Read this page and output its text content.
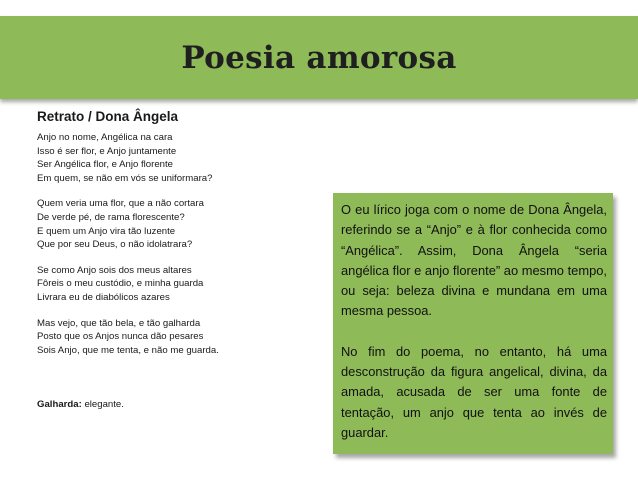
Poesia amorosa
Retrato / Dona Ângela
Anjo no nome, Angélica na cara
Isso é ser flor, e Anjo juntamente
Ser Angélica flor, e Anjo florente
Em quem, se não em vós se uniformara?
Quem veria uma flor, que a não cortara
De verde pé, de rama florescente?
E quem um Anjo vira tão luzente
Que por seu Deus, o não idolatrara?
Se como Anjo sois dos meus altares
Fôreis o meu custódio, e minha guarda
Livrara eu de diabólicos azares
Mas vejo, que tão bela, e tão galharda
Posto que os Anjos nunca dão pesares
Sois Anjo, que me tenta, e não me guarda.
Galharda: elegante.

O eu lírico joga com o nome de Dona Ângela, referindo se a “Anjo” e à flor conhecida como “Angélica”. Assim, Dona Ângela “seria angélica flor e anjo florente” ao mesmo tempo, ou seja: beleza divina e mundana em uma mesma pessoa.

No fim do poema, no entanto, há uma desconstrução da figura angelical, divina, da amada, acusada de ser uma fonte de tentação, um anjo que tenta ao invés de guardar.
